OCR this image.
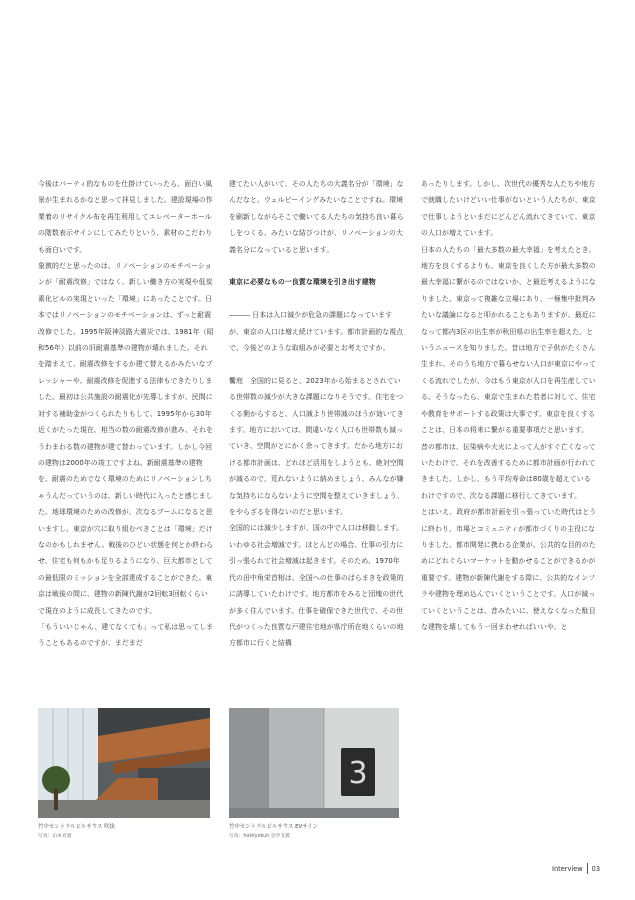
今後はパーティ的なものを仕掛けていったら、面白い風景が生まれるかなと思って拝見しました。建設現場の作業着のリサイクル布を再生利用してエレベーターホールの階数表示サインにしてみたりという、素材のこだわりも面白いです。

象徴的だと思ったのは、リノベーションのモチベーションが「耐震改修」ではなく、新しい働き方の実現や低炭素化ビルの実現といった「環境」にあったことです。日本ではリノベーションのモチベーションは、ずっと耐震改修でした。1995年阪神淡路大震災では、1981年（昭和56年）以前の旧耐震基準の建物が壊れました。それを踏まえて、耐震改修をするか建て替えるかみたいなプレッシャーや、耐震改修を促進する法律もできたりしました。最初は公共施設の耐震化が先導しますが、民間に対する補助金がつくられたりもして、1995年から30年近くがたった現在、相当の数の耐震改修が進み、それをうわまわる数の建物が建て替わっています。しかし今回の建物は2000年の竣工ですよね。新耐震基準の建物を、耐震のためでなく環境のためにリノベーションしちゃうんだっていうのは、新しい時代に入ったと感じました。地球環境のための改修が、次なるブームになると思いますし、東京が穴に取り組むべきことは「環境」だけなのかもしれません。戦後のひどい状態を何とか終わらせ、住宅も何もかも足りるようになり、巨大都市としての最低限のミッションを全部達成することができた。東京は戦後の間に、建物の新陳代謝が2回転3回転くらいで現在のように成長してきたのです。

「もういいじゃん、建てなくても」って私は思ってしまうこともあるのですが、まだまだ

建てたい人がいて、その人たちの大義名分が「環境」なんだなと。ウェルビーイングみたいなことですね。環境を刷新しながらそこで働いてる人たちの気持ち良い暮らしをつくる、みたいな結びつけが、リノベーションの大義名分になっていると思います。

東京に必要なもの一良質な環境を引き出す建物

――― 日本は人口減少が危急の課題になっていますが、東京の人口は増え続けています。都市計画的な視点で、今後どのような取組みが必要とお考えですか。

饗庭　全国的に見ると、2023年から始まるとされている世帯数の減少が大きな課題になりそうです。住宅をつくる側からすると、人口減より世帯減のほうが効いてきます。地方においては、間違いなく人口も世帯数も減っていき、空間がとにかく余ってきます。だから地方における都市計画は、どれほど活用をしようとも、絶対空間が減るので、荒れないように納めましょう、みんなが嫌な気持ちにならないように空間を整えていきましょう、をやらざるを得ないのだと思います。

全国的には減少しますが、国の中で人口は移動します。いわゆる社会増減です。ほとんどの場合、仕事の引力に引っ張られて社会増減は起きます。そのため、1970年代の田中角栄首相は、全国への仕事のばらまきを政策的に誘導していたわけです。地方都市をみると団塊の世代が多く住んでいます。仕事を確保できた世代で、その世代がつくった良質な戸建住宅地が県庁所在地くらいの地方都市に行くと結構

あったりします。しかし、次世代の優秀な人たちや地方で就職したいけどいい仕事がないという人たちが、東京で仕事しようといまだにどんどん流れてきていて、東京の人口が増えています。

日本の人たちの「最大多数の最大幸福」を考えたとき、地方を良くするよりも、東京を良くした方が最大多数の最大幸福に繋がるのではないか、と最近考えるようになりました。東京って複雑な立場にあり、一極集中批判みたいな議論になると叩かれることもありますが、最近になって都内3区の出生率が秋田県の出生率を超えた、というニュースを知りました。昔は地方で子供がたくさん生まれ、そのうち地方で暮らせない人口が東京にやってくる流れでしたが、今はもう東京が人口を再生産している。そうなったら、東京で生まれた若者に対して、住宅や教育をサポートする政策は大事です。東京を良くすることは、日本の将来に繋がる重要事項だと思います。

昔の都市は、伝染病や大火によって人がすぐ亡くなっていたわけで、それを改善するために都市計画が行われてきました。しかし、もう平均寿命は80歳を超えているわけですので、次なる課題に移行してきています。

とはいえ、政府が都市計画を引っ張っていた時代はとうに終わり、市場とコミュニティが都市づくりの主役になりました。都市開発に携わる企業が、公共的な目的のためにどれぐらいマーケットを動かせることができるかが重要です。建物が新陳代謝をする際に、公共的なインフラや建物を埋め込んでいくということです。人口が減っていくということは、昔みたいに、使えなくなった駄目な建物を壊してもう一回まわせればいいや、と

竹中セントラルビルサウス 吹抜
写真：山本育憲
3
竹中セントラルビルサウス EVサイン
写真：hokkyokuh 見学支援
Interview 03
